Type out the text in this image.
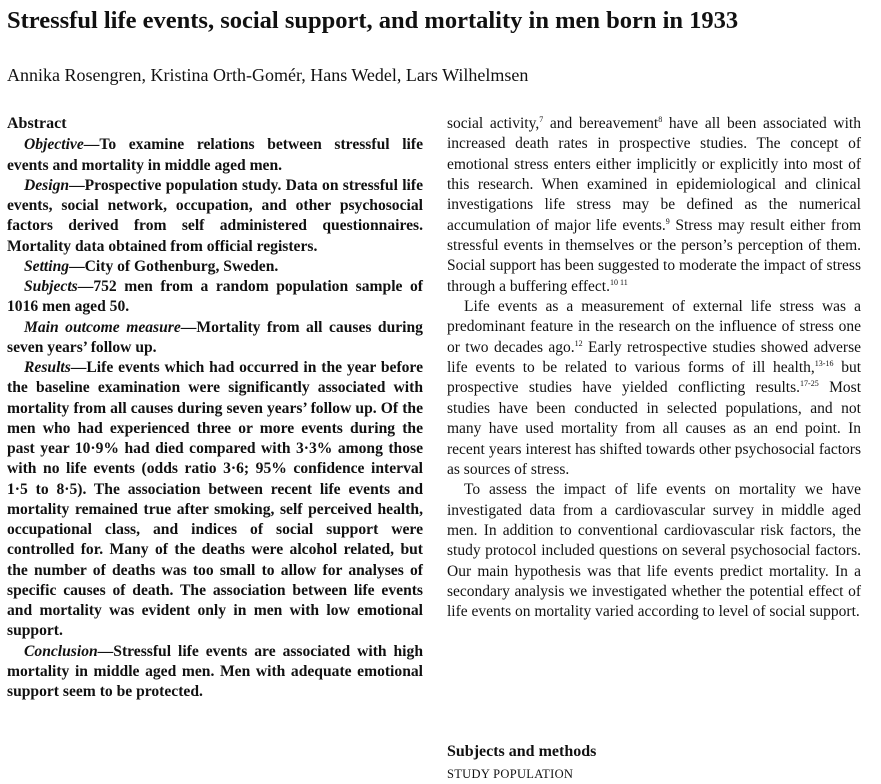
Stressful life events, social support, and mortality in men born in 1933
Annika Rosengren, Kristina Orth-Gomér, Hans Wedel, Lars Wilhelmsen
Abstract

Objective—To examine relations between stressful life events and mortality in middle aged men.

Design—Prospective population study. Data on stressful life events, social network, occupation, and other psychosocial factors derived from self administered questionnaires. Mortality data obtained from official registers.

Setting—City of Gothenburg, Sweden.

Subjects—752 men from a random population sample of 1016 men aged 50.

Main outcome measure—Mortality from all causes during seven years’ follow up.

Results—Life events which had occurred in the year before the baseline examination were significantly associated with mortality from all causes during seven years’ follow up. Of the men who had experienced three or more events during the past year 10·9% had died compared with 3·3% among those with no life events (odds ratio 3·6; 95% confidence interval 1·5 to 8·5). The association between recent life events and mortality remained true after smoking, self perceived health, occupational class, and indices of social support were controlled for. Many of the deaths were alcohol related, but the number of deaths was too small to allow for analyses of specific causes of death. The association between life events and mortality was evident only in men with low emotional support.

Conclusion—Stressful life events are associated with high mortality in middle aged men. Men with adequate emotional support seem to be protected.

social activity,$^7$ and bereavement$^8$ have all been associated with increased death rates in prospective studies. The concept of emotional stress enters either implicitly or explicitly into most of this research. When examined in epidemiological and clinical investigations life stress may be defined as the numerical accumulation of major life events.$^9$ Stress may result either from stressful events in themselves or the person’s perception of them. Social support has been suggested to moderate the impact of stress through a buffering effect.$^{10 11}$

Life events as a measurement of external life stress was a predominant feature in the research on the influence of stress one or two decades ago.$^{12}$ Early retrospective studies showed adverse life events to be related to various forms of ill health,$^{13-16}$ but prospective studies have yielded conflicting results.$^{17-25}$ Most studies have been conducted in selected populations, and not many have used mortality from all causes as an end point. In recent years interest has shifted towards other psychosocial factors as sources of stress.

To assess the impact of life events on mortality we have investigated data from a cardiovascular survey in middle aged men. In addition to conventional cardiovascular risk factors, the study protocol included questions on several psychosocial factors. Our main hypothesis was that life events predict mortality. In a secondary analysis we investigated whether the potential effect of life events on mortality varied according to level of social support.

Subjects and methods
STUDY POPULATION
